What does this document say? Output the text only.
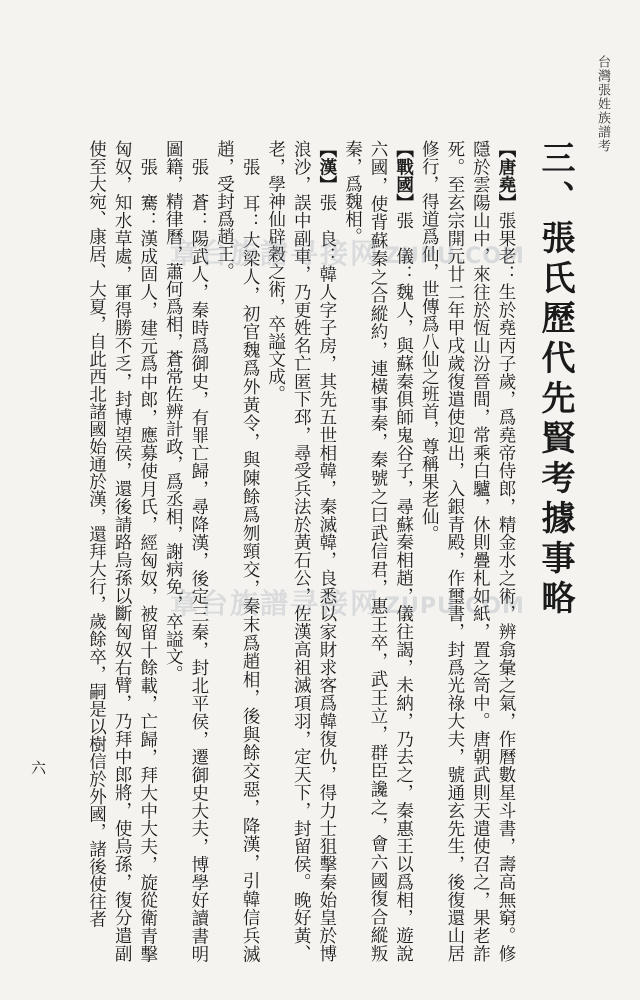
台灣張姓族譜考
三、張氏歷代先賢考據事略

【唐堯】張果老：生於堯丙子歲，爲堯帝侍郎，精金水之術，辨翕彙之氣，作曆數星斗書，壽高無窮。修隱於雲陽山中，來往於恆山汾晉間，常乘白驢，休則疊札如紙，置之笥中。唐朝武則天遣使召之，果老詐死。至玄宗開元廿二年甲戌歲復遣使迎出，入銀青殿，作璽書，封爲光祿大夫，號通玄先生，後復還山居修行，得道爲仙，世傳爲八仙之班首，尊稱果老仙。

【戰國】張　儀：魏人，與蘇秦俱師鬼谷子，尋蘇秦相趙，儀往謁，未納，乃去之，秦惠王以爲相，遊說六國，使背蘇秦之合縱約，連橫事秦，秦號之曰武信君，惠王卒，武王立，群臣讒之，會六國復合縱叛秦，爲魏相。

【漢】張　良：韓人字子房，其先五世相韓，秦滅韓，良悉以家財求客爲韓復仇，得力士狙擊秦始皇於博浪沙，誤中副車，乃更姓名亡匿下邳，尋受兵法於黃石公，佐漢高祖滅項羽，定天下，封留侯。晚好黃、老，學神仙辟穀之術，卒謚文成。

張　耳：大梁人，初官魏爲外黃令，與陳餘爲刎頸交，秦末爲趙相，後與餘交惡，降漢，引韓信兵滅趙，受封爲趙王。

張　蒼：陽武人，秦時爲御史，有罪亡歸，尋降漢，後定三秦，封北平侯，遷御史大夫，博學好讀書明圖籍，精律曆，蕭何爲相，蒼常佐辨計政，爲丞相，謝病免，卒謚文。

張　騫：漢成固人，建元爲中郎，應募使月氏，經匈奴，被留十餘載，亡歸，拜大中大夫，旋從衛青擊匈奴，知水草處，軍得勝不乏，封博望侯，還後請路烏孫以斷匈奴右臂，乃拜中郎將，使烏孫，復分遣副使至大宛、康居、大夏，自此西北諸國始通於漢，還拜大行，歲餘卒，嗣是以樹信於外國，諸後使往者

六
章台族譜寻接网 ZUPU.COM
章台族譜寻接网 ZUPU.COM
